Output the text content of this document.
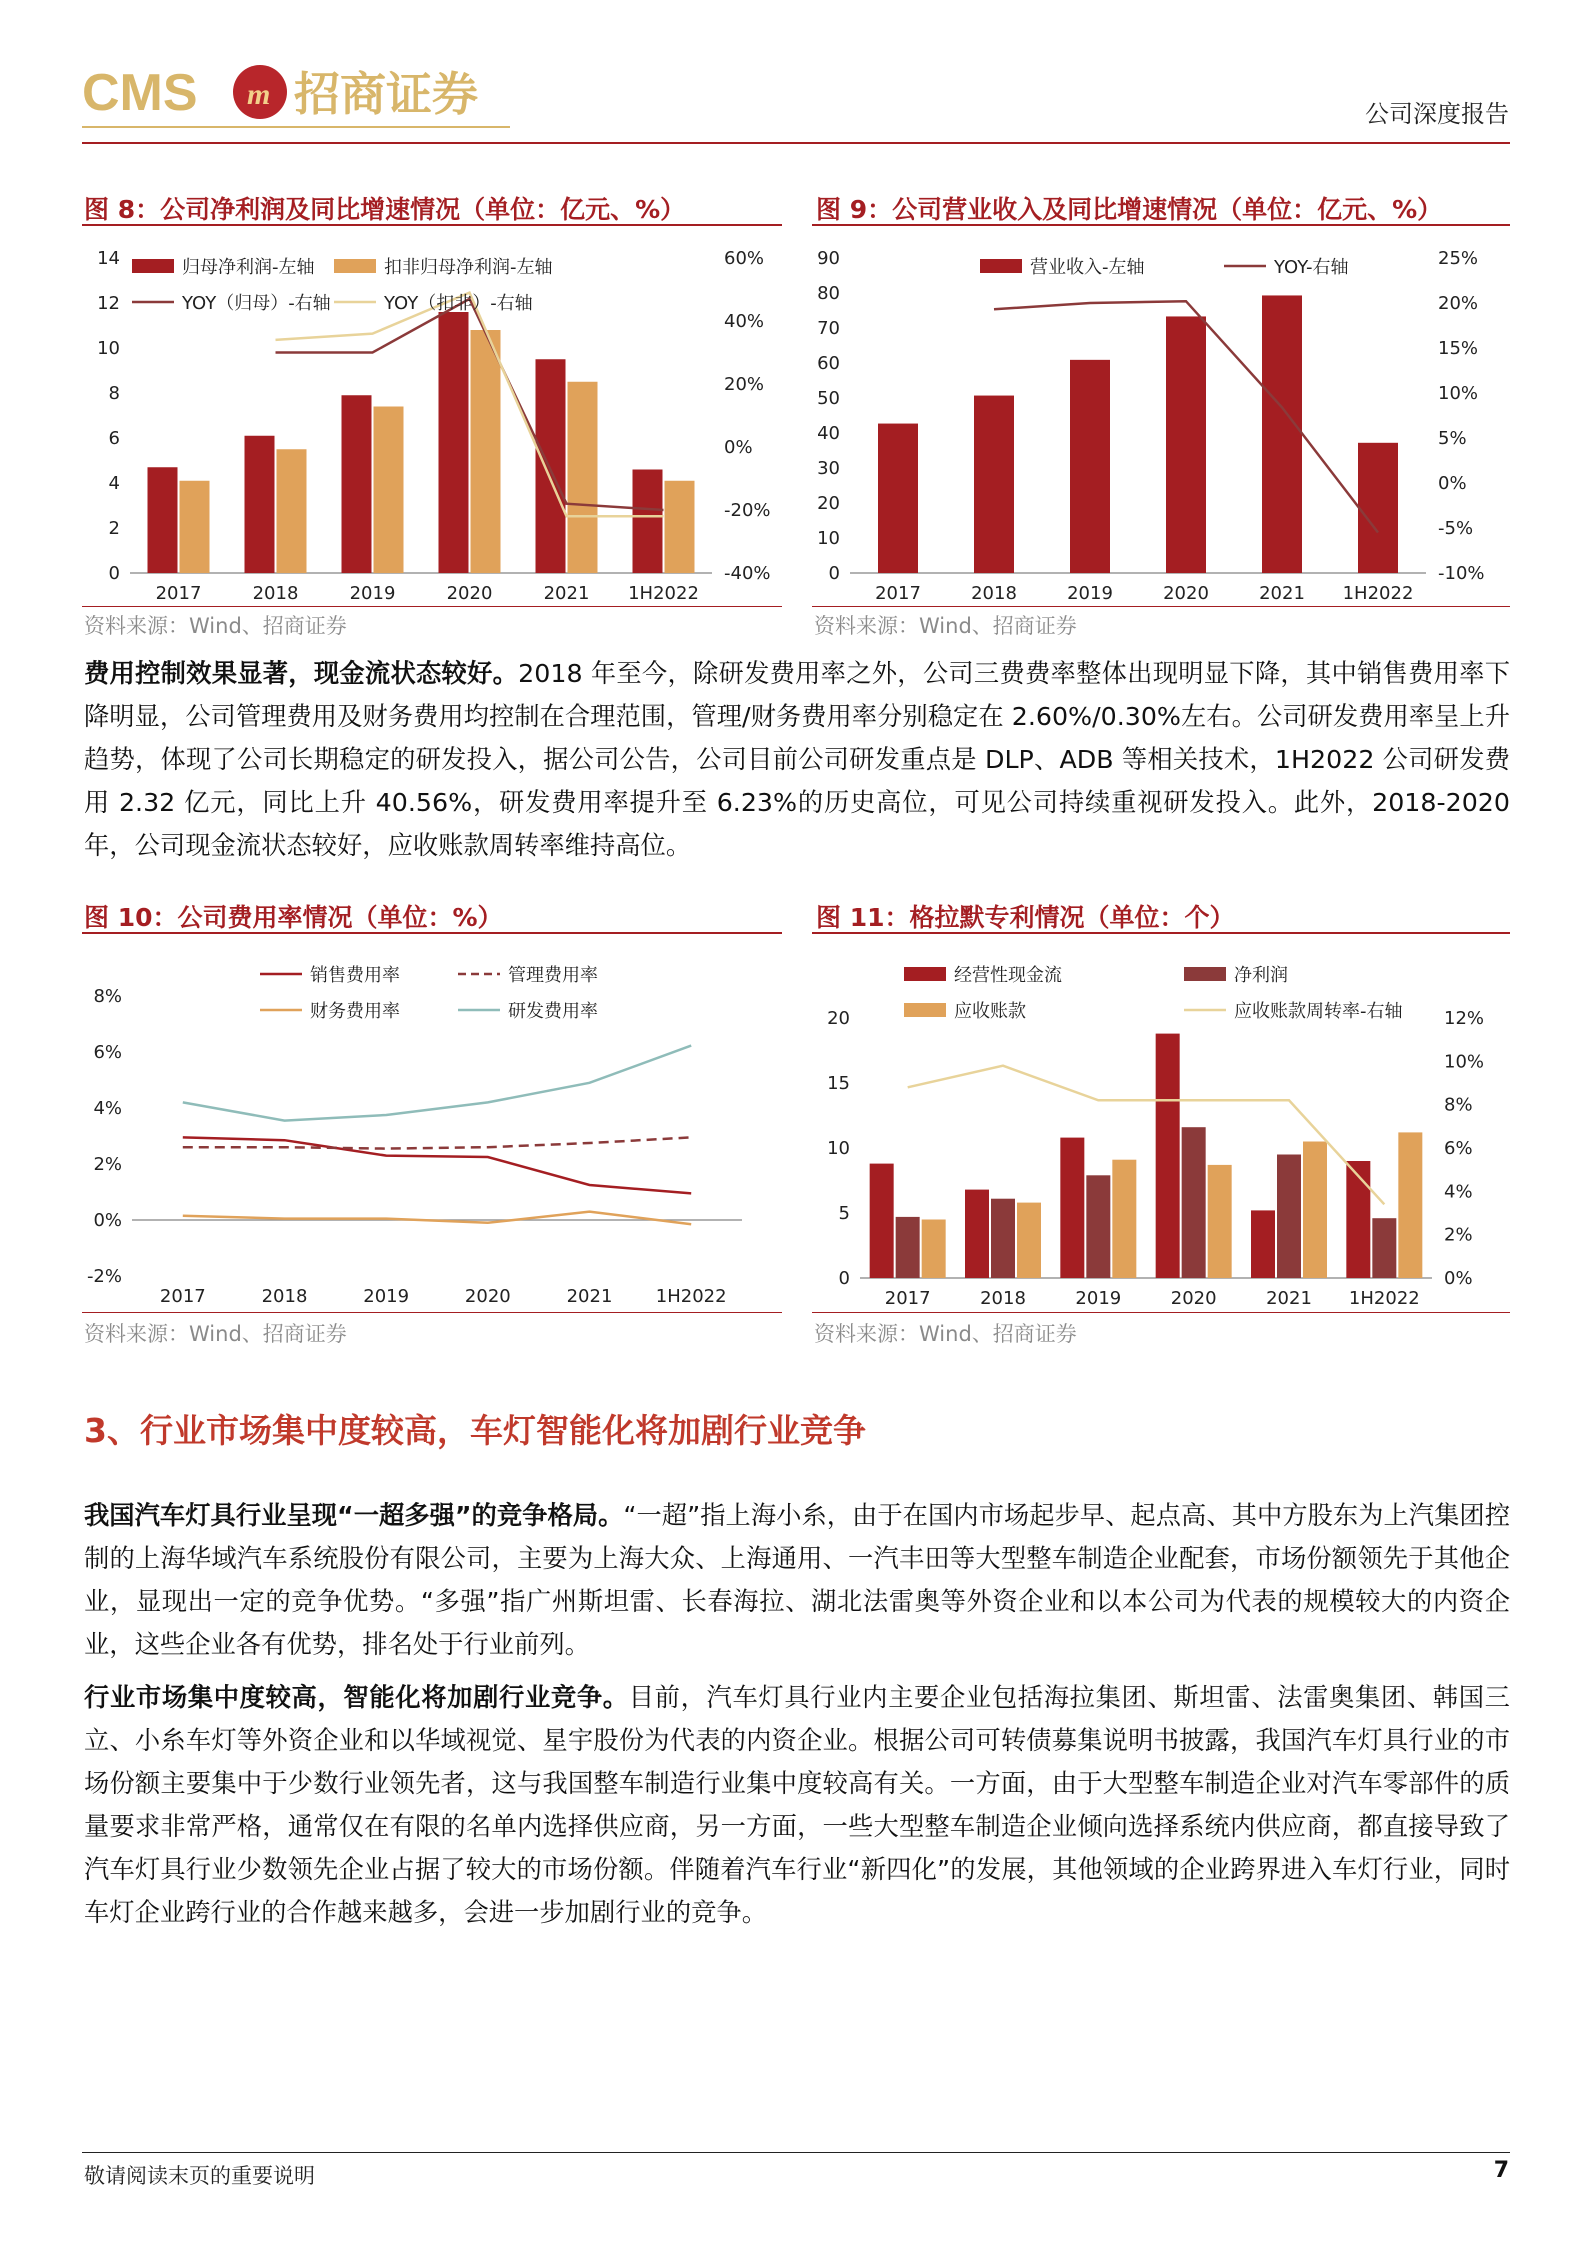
CMS m 招商证券	公司深度报告
图 8：公司净利润及同比增速情况（单位：亿元、%）	图 9：公司营业收入及同比增速情况（单位：亿元、%）
0
2
4
6
8
10
12
14
-40%
-20%
0%
20%
40%
60%
2017	2018	2019	2020	2021 1H2022
归母净利润-左轴	扣非归母净利润-左轴
YOY（归母）-右轴	YOY（扣非）-右轴
0
10
20
30
40
50
60
70
80
90
-10%
-5%
0%
5%
10%
15%
20%
25%
2017	2018	2019	2020	2021 1H2022
营业收入-左轴	YOY-右轴
资料来源：Wind、招商证券	资料来源：Wind、招商证券
费用控制效果显著，现金流状态较好。2018 年至今，除研发费用率之外，公司三费费率整体出现明显下降，其中销售费用率下降明显，公司管理费用及财务费用均控制在合理范围，管理/财务费用率分别稳定在 2.60%/0.30%左右。公司研发费用率呈上升趋势，体现了公司长期稳定的研发投入，据公司公告，公司目前公司研发重点是 DLP、ADB 等相关技术，1H2022 公司研发费用 2.32 亿元，同比上升 40.56%，研发费用率提升至 6.23%的历史高位，可见公司持续重视研发投入。此外，2018-2020 年，公司现金流状态较好，应收账款周转率维持高位。
图 10：公司费用率情况（单位：%）	图 11：格拉默专利情况（单位：个）
-2%
0%
2%
4%
6%
8%
2017	2018	2019	2020	2021 1H2022
销售费用率	管理费用率
财务费用率	研发费用率
0
5
10
15
20
0%
2%
4%
6%
8%
10%
12%
2017	2018	2019	2020	2021 1H2022
经营性现金流	净利润
应收账款	应收账款周转率-右轴
资料来源：Wind、招商证券	资料来源：Wind、招商证券
3、行业市场集中度较高，车灯智能化将加剧行业竞争
我国汽车灯具行业呈现“一超多强”的竞争格局。“一超”指上海小糸，由于在国内市场起步早、起点高、其中方股东为上汽集团控制的上海华域汽车系统股份有限公司，主要为上海大众、上海通用、一汽丰田等大型整车制造企业配套，市场份额领先于其他企业，显现出一定的竞争优势。“多强”指广州斯坦雷、长春海拉、湖北法雷奥等外资企业和以本公司为代表的规模较大的内资企业，这些企业各有优势，排名处于行业前列。
行业市场集中度较高，智能化将加剧行业竞争。目前，汽车灯具行业内主要企业包括海拉集团、斯坦雷、法雷奥集团、韩国三立、小糸车灯等外资企业和以华域视觉、星宇股份为代表的内资企业。根据公司可转债募集说明书披露，我国汽车灯具行业的市场份额主要集中于少数行业领先者，这与我国整车制造行业集中度较高有关。一方面，由于大型整车制造企业对汽车零部件的质量要求非常严格，通常仅在有限的名单内选择供应商，另一方面，一些大型整车制造企业倾向选择系统内供应商，都直接导致了汽车灯具行业少数领先企业占据了较大的市场份额。伴随着汽车行业“新四化”的发展，其他领域的企业跨界进入车灯行业，同时车灯企业跨行业的合作越来越多，会进一步加剧行业的竞争。
敬请阅读末页的重要说明	7
